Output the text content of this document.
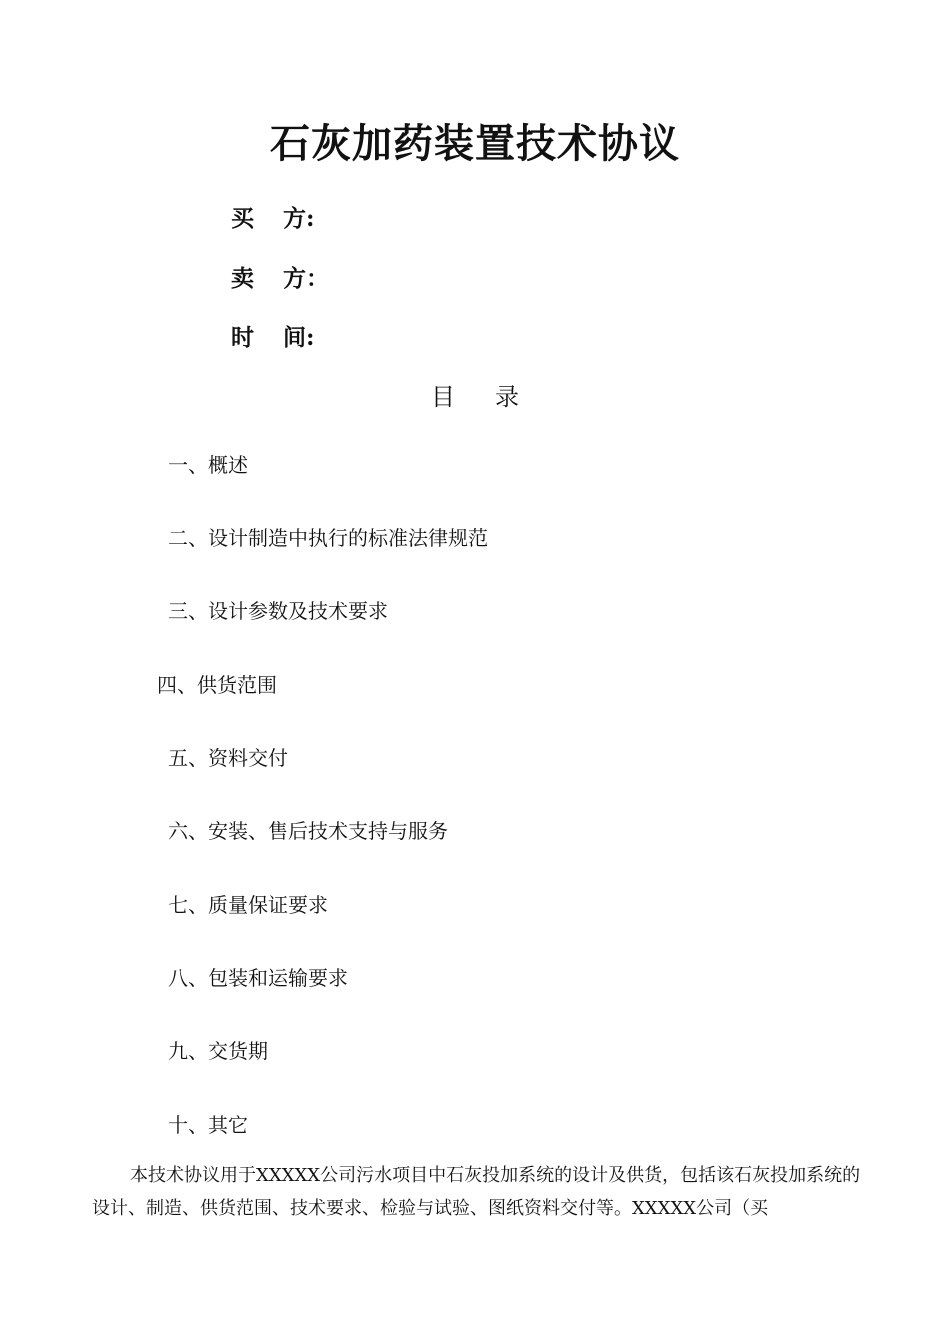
石灰加药装置技术协议
买 方:
卖 方：
时 间:
目录
一、概述
二、设计制造中执行的标准法律规范
三、设计参数及技术要求
四、供货范围
五、资料交付
六、安装、售后技术支持与服务
七、质量保证要求
八、包装和运输要求
九、交货期
十、其它
本技术协议用于XXXXX公司污水项目中石灰投加系统的设计及供货，包括该石灰投加系统的设计、制造、供货范围、技术要求、检验与试验、图纸资料交付等。XXXXX公司（买
